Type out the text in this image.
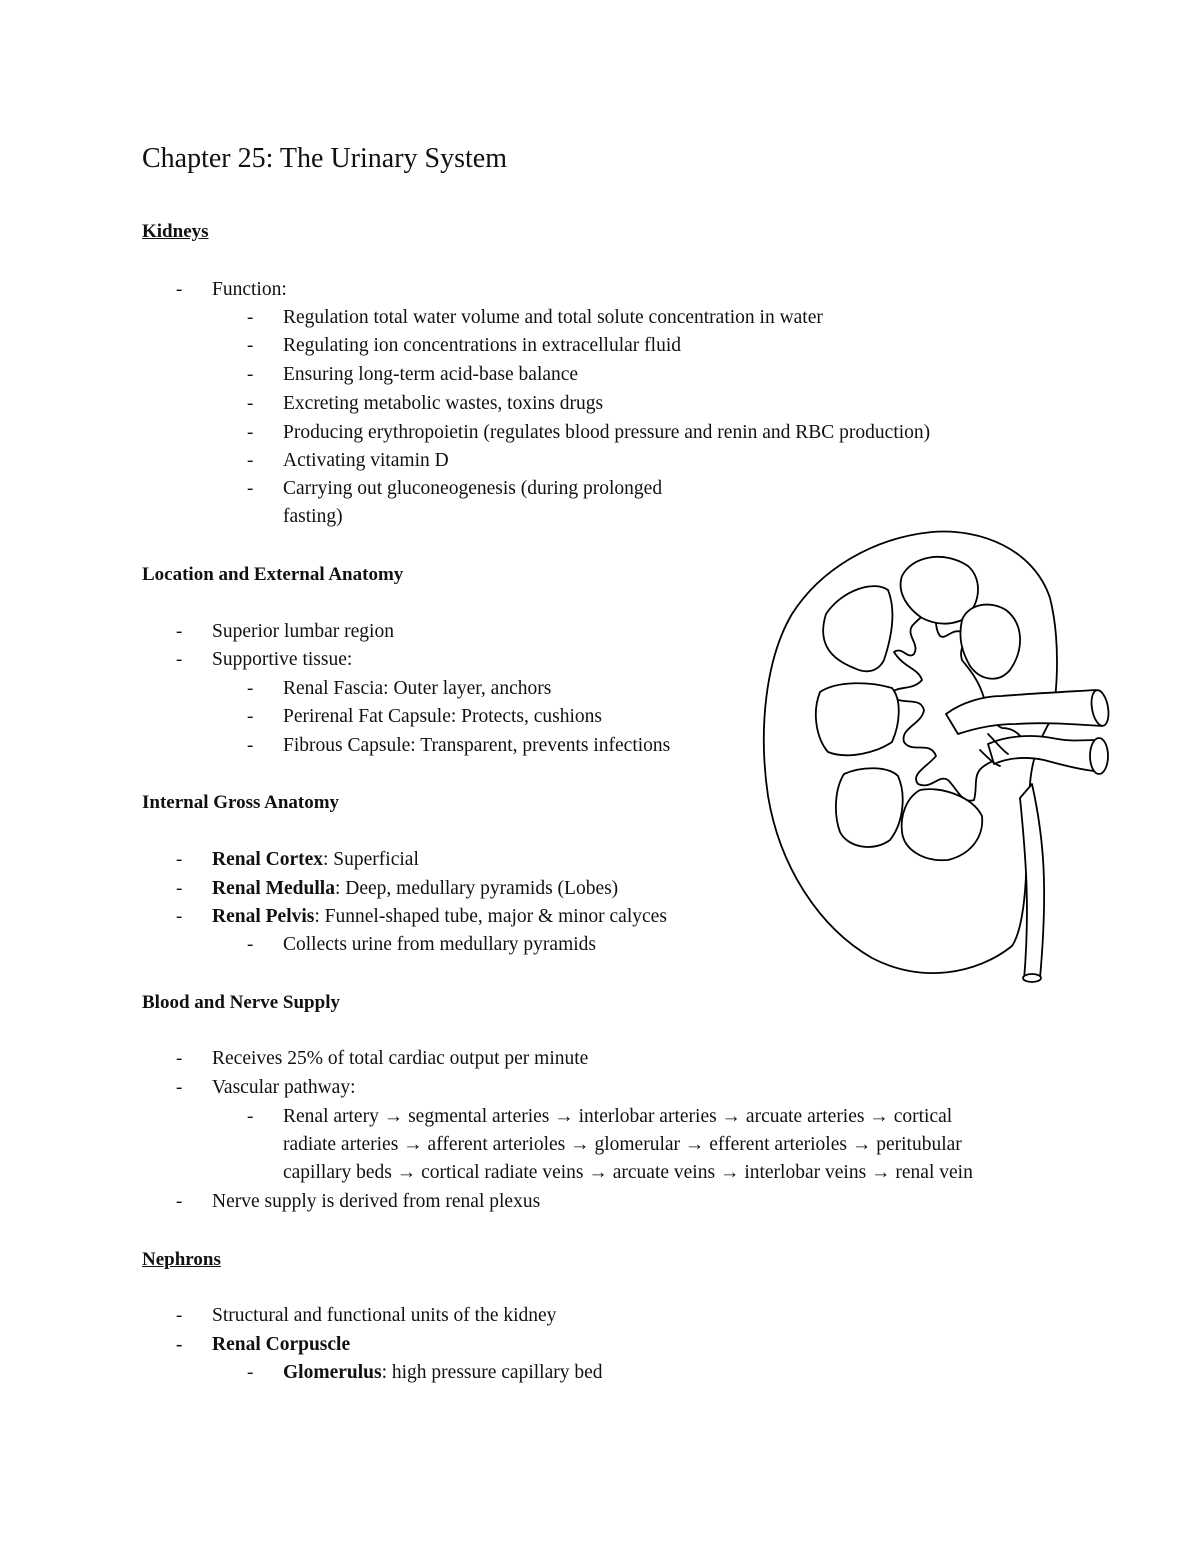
Chapter 25: The Urinary System
Kidneys
- Function:
- Regulation total water volume and total solute concentration in water
- Regulating ion concentrations in extracellular fluid
- Ensuring long-term acid-base balance
- Excreting metabolic wastes, toxins drugs
- Producing erythropoietin (regulates blood pressure and renin and RBC production)
- Activating vitamin D
- Carrying out gluconeogenesis (during prolonged
fasting)
Location and External Anatomy
- Superior lumbar region
- Supportive tissue:
- Renal Fascia: Outer layer, anchors
- Perirenal Fat Capsule: Protects, cushions
- Fibrous Capsule: Transparent, prevents infections
Internal Gross Anatomy
- Renal Cortex: Superficial
- Renal Medulla: Deep, medullary pyramids (Lobes)
- Renal Pelvis: Funnel-shaped tube, major & minor calyces
- Collects urine from medullary pyramids
Blood and Nerve Supply
- Receives 25% of total cardiac output per minute
- Vascular pathway:
- Renal artery → segmental arteries → interlobar arteries → arcuate arteries → cortical
radiate arteries → afferent arterioles → glomerular → efferent arterioles → peritubular
capillary beds → cortical radiate veins → arcuate veins → interlobar veins → renal vein
- Nerve supply is derived from renal plexus
Nephrons
- Structural and functional units of the kidney
- Renal Corpuscle
- Glomerulus: high pressure capillary bed
